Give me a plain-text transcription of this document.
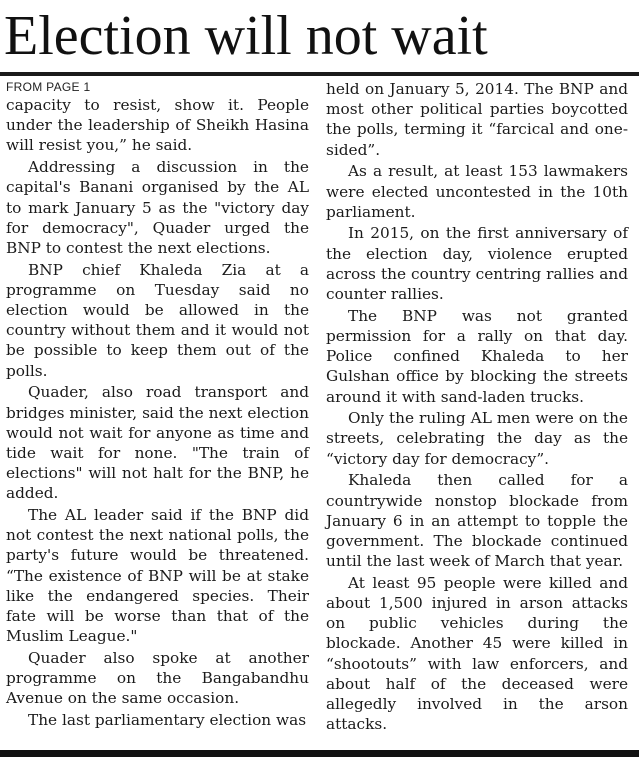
Election will not wait
FROM PAGE 1

capacity to resist, show it. People under the leadership of Sheikh Hasina will resist you,” he said.

Addressing a discussion in the capital's Banani organised by the AL to mark January 5 as the "victory day for democracy", Quader urged the BNP to contest the next elections.

BNP chief Khaleda Zia at a programme on Tuesday said no election would be allowed in the country without them and it would not be possible to keep them out of the polls.

Quader, also road transport and bridges minister, said the next election would not wait for anyone as time and tide wait for none. "The train of elections" will not halt for the BNP, he added.

The AL leader said if the BNP did not contest the next national polls, the party's future would be threatened. “The existence of BNP will be at stake like the endangered species. Their fate will be worse than that of the Muslim League."

Quader also spoke at another programme on the Bangabandhu Avenue on the same occasion.

The last parliamentary election was

held on January 5, 2014. The BNP and most other political parties boycotted the polls, terming it “farcical and one-sided”.

As a result, at least 153 lawmakers were elected uncontested in the 10th parliament.

In 2015, on the first anniversary of the election day, violence erupted across the country centring rallies and counter rallies.

The BNP was not granted permission for a rally on that day. Police confined Khaleda to her Gulshan office by blocking the streets around it with sand-laden trucks.

Only the ruling AL men were on the streets, celebrating the day as the “victory day for democracy”.

Khaleda then called for a countrywide nonstop blockade from January 6 in an attempt to topple the government. The blockade continued until the last week of March that year.

At least 95 people were killed and about 1,500 injured in arson attacks on public vehicles during the blockade. Another 45 were killed in “shootouts” with law enforcers, and about half of the deceased were allegedly involved in the arson attacks.
